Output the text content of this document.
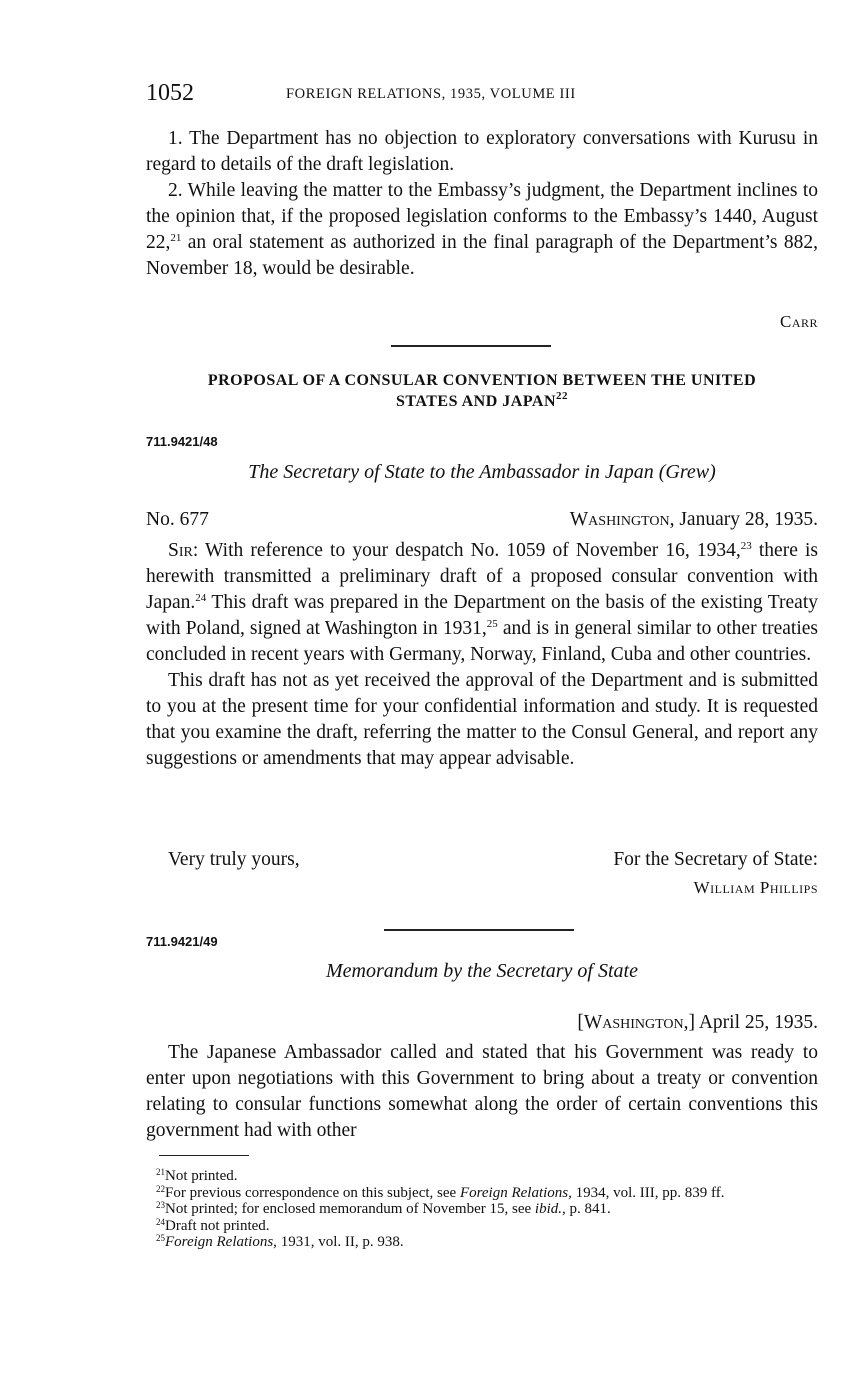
1052	FOREIGN RELATIONS, 1935, VOLUME III

1. The Department has no objection to exploratory conversations with Kurusu in regard to details of the draft legislation.

2. While leaving the matter to the Embassy’s judgment, the Department inclines to the opinion that, if the proposed legislation conforms to the Embassy’s 1440, August 22,21 an oral statement as authorized in the final paragraph of the Department’s 882, November 18, would be desirable.

Carr
PROPOSAL OF A CONSULAR CONVENTION BETWEEN THE UNITED
STATES AND JAPAN$^{22}$
711.9421/48
The Secretary of State to the Ambassador in Japan (Grew)
No. 677	Washington, January 28, 1935.

Sir: With reference to your despatch No. 1059 of November 16, 1934,23 there is herewith transmitted a preliminary draft of a proposed consular convention with Japan.$^{24}$ This draft was prepared in the Department on the basis of the existing Treaty with Poland, signed at Washington in 1931,25 and is in general similar to other treaties concluded in recent years with Germany, Norway, Finland, Cuba and other countries.

This draft has not as yet received the approval of the Department and is submitted to you at the present time for your confidential information and study. It is requested that you examine the draft, referring the matter to the Consul General, and report any suggestions or amendments that may appear advisable.

Very truly yours,	For the Secretary of State:
William Phillips
711.9421/49
Memorandum by the Secretary of State
[Washington,] April 25, 1935.

The Japanese Ambassador called and stated that his Government was ready to enter upon negotiations with this Government to bring about a treaty or convention relating to consular functions somewhat along the order of certain conventions this government had with other

$^{21}$Not printed.

$^{22}$For previous correspondence on this subject, see Foreign Relations, 1934, vol. III, pp. 839 ff.

$^{23}$Not printed; for enclosed memorandum of November 15, see ibid., p. 841.

$^{24}$Draft not printed.

$^{25}$Foreign Relations, 1931, vol. II, p. 938.
